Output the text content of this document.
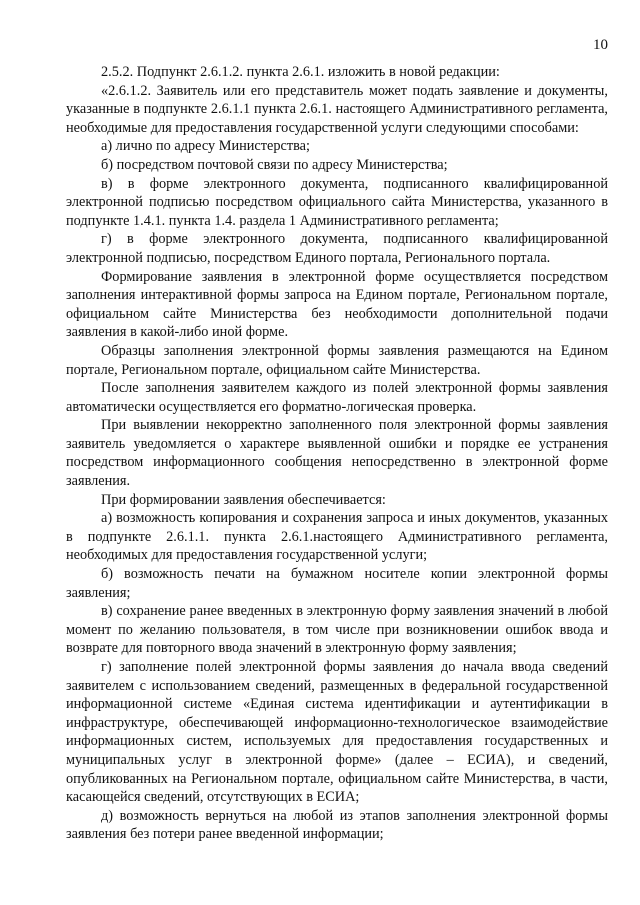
10

2.5.2. Подпункт 2.6.1.2. пункта 2.6.1. изложить в новой редакции:

«2.6.1.2. Заявитель или его представитель может подать заявление и документы, указанные в подпункте 2.6.1.1 пункта 2.6.1. настоящего Административного регламента, необходимые для предоставления государственной услуги следующими способами:

а) лично по адресу Министерства;

б) посредством почтовой связи по адресу Министерства;

в) в форме электронного документа, подписанного квалифицированной электронной подписью посредством официального сайта Министерства, указанного в подпункте 1.4.1. пункта 1.4. раздела 1 Административного регламента;

г) в форме электронного документа, подписанного квалифицированной электронной подписью, посредством Единого портала, Регионального портала.

Формирование заявления в электронной форме осуществляется посредством заполнения интерактивной формы запроса на Едином портале, Региональном портале, официальном сайте Министерства без необходимости дополнительной подачи заявления в какой-либо иной форме.

Образцы заполнения электронной формы заявления размещаются на Едином портале, Региональном портале, официальном сайте Министерства.

После заполнения заявителем каждого из полей электронной формы заявления автоматически осуществляется его форматно-логическая проверка.

При выявлении некорректно заполненного поля электронной формы заявления заявитель уведомляется о характере выявленной ошибки и порядке ее устранения посредством информационного сообщения непосредственно в электронной форме заявления.

При формировании заявления обеспечивается:

а) возможность копирования и сохранения запроса и иных документов, указанных в подпункте 2.6.1.1. пункта 2.6.1.настоящего Административного регламента, необходимых для предоставления государственной услуги;

б) возможность печати на бумажном носителе копии электронной формы заявления;

в) сохранение ранее введенных в электронную форму заявления значений в любой момент по желанию пользователя, в том числе при возникновении ошибок ввода и возврате для повторного ввода значений в электронную форму заявления;

г) заполнение полей электронной формы заявления до начала ввода сведений заявителем с использованием сведений, размещенных в федеральной государственной информационной системе «Единая система идентификации и аутентификации в инфраструктуре, обеспечивающей информационно-технологическое взаимодействие информационных систем, используемых для предоставления государственных и муниципальных услуг в электронной форме» (далее – ЕСИА), и сведений, опубликованных на Региональном портале, официальном сайте Министерства, в части, касающейся сведений, отсутствующих в ЕСИА;

д) возможность вернуться на любой из этапов заполнения электронной формы заявления без потери ранее введенной информации;
